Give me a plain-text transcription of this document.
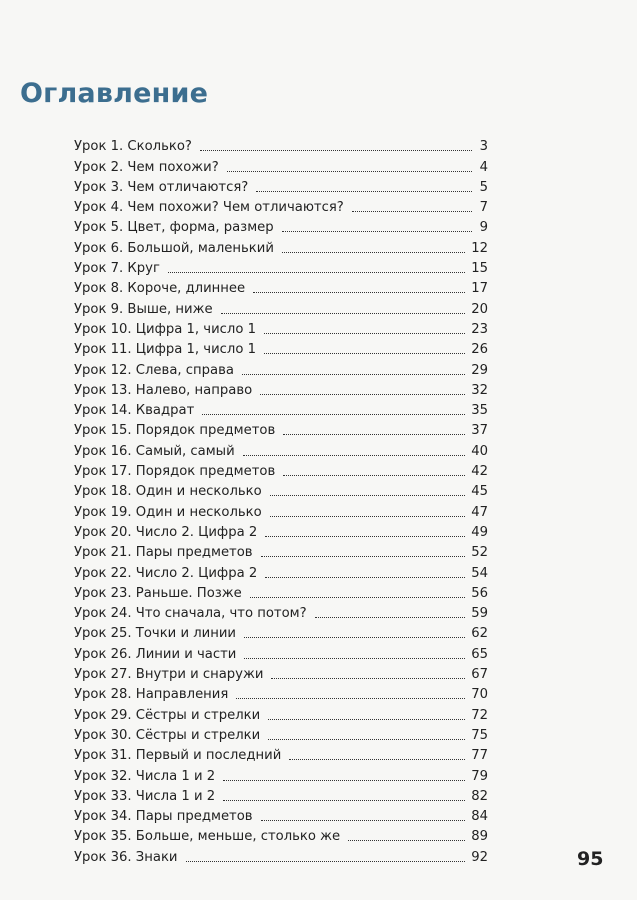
Оглавление
Урок 1. Сколько?	3
Урок 2. Чем похожи?	4
Урок 3. Чем отличаются?	5
Урок 4. Чем похожи? Чем отличаются?	7
Урок 5. Цвет, форма, размер	9
Урок 6. Большой, маленький	12
Урок 7. Круг	15
Урок 8. Короче, длиннее	17
Урок 9. Выше, ниже	20
Урок 10. Цифра 1, число 1	23
Урок 11. Цифра 1, число 1	26
Урок 12. Слева, справа	29
Урок 13. Налево, направо	32
Урок 14. Квадрат	35
Урок 15. Порядок предметов	37
Урок 16. Самый, самый	40
Урок 17. Порядок предметов	42
Урок 18. Один и несколько	45
Урок 19. Один и несколько	47
Урок 20. Число 2. Цифра 2	49
Урок 21. Пары предметов	52
Урок 22. Число 2. Цифра 2	54
Урок 23. Раньше. Позже	56
Урок 24. Что сначала, что потом?	59
Урок 25. Точки и линии	62
Урок 26. Линии и части	65
Урок 27. Внутри и снаружи	67
Урок 28. Направления	70
Урок 29. Сёстры и стрелки	72
Урок 30. Сёстры и стрелки	75
Урок 31. Первый и последний	77
Урок 32. Числа 1 и 2	79
Урок 33. Числа 1 и 2	82
Урок 34. Пары предметов	84
Урок 35. Больше, меньше, столько же	89
Урок 36. Знаки	92	95
